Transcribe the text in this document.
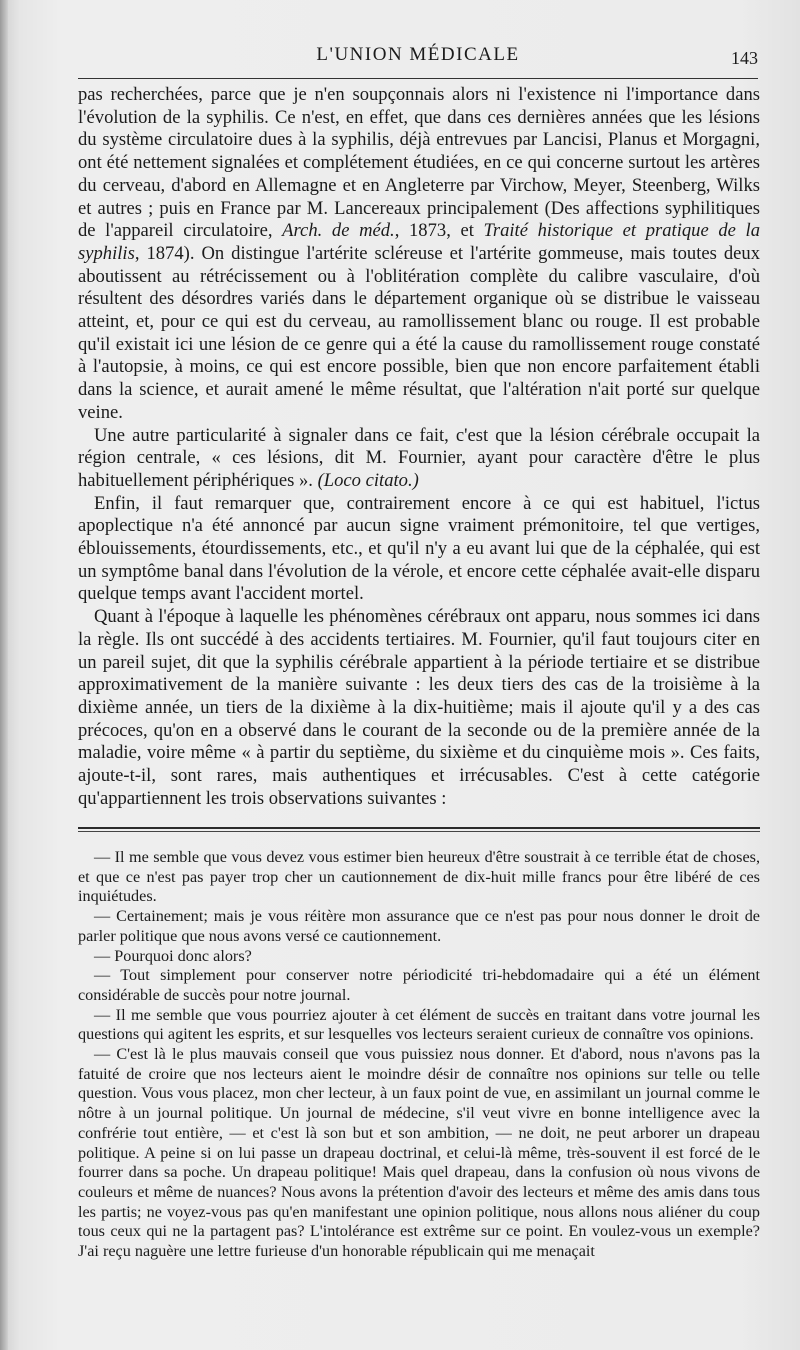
L'UNION MÉDICALE	143

pas recherchées, parce que je n'en soupçonnais alors ni l'existence ni l'importance dans l'évolution de la syphilis. Ce n'est, en effet, que dans ces dernières années que les lésions du système circulatoire dues à la syphilis, déjà entrevues par Lancisi, Planus et Morgagni, ont été nettement signalées et complétement étudiées, en ce qui concerne surtout les artères du cerveau, d'abord en Allemagne et en Angleterre par Virchow, Meyer, Steenberg, Wilks et autres ; puis en France par M. Lancereaux principalement (Des affections syphilitiques de l'appareil circulatoire, Arch. de méd., 1873, et Traité historique et pratique de la syphilis, 1874). On distingue l'artérite scléreuse et l'artérite gommeuse, mais toutes deux aboutissent au rétrécissement ou à l'oblitération complète du calibre vasculaire, d'où résultent des désordres variés dans le département organique où se distribue le vaisseau atteint, et, pour ce qui est du cerveau, au ramollissement blanc ou rouge. Il est probable qu'il existait ici une lésion de ce genre qui a été la cause du ramollissement rouge constaté à l'autopsie, à moins, ce qui est encore possible, bien que non encore parfaitement établi dans la science, et aurait amené le même résultat, que l'altération n'ait porté sur quelque veine.

Une autre particularité à signaler dans ce fait, c'est que la lésion cérébrale occupait la région centrale, « ces lésions, dit M. Fournier, ayant pour caractère d'être le plus habituellement périphériques ». (Loco citato.)

Enfin, il faut remarquer que, contrairement encore à ce qui est habituel, l'ictus apoplectique n'a été annoncé par aucun signe vraiment prémonitoire, tel que vertiges, éblouissements, étourdissements, etc., et qu'il n'y a eu avant lui que de la céphalée, qui est un symptôme banal dans l'évolution de la vérole, et encore cette céphalée avait-elle disparu quelque temps avant l'accident mortel.

Quant à l'époque à laquelle les phénomènes cérébraux ont apparu, nous sommes ici dans la règle. Ils ont succédé à des accidents tertiaires. M. Fournier, qu'il faut toujours citer en un pareil sujet, dit que la syphilis cérébrale appartient à la période tertiaire et se distribue approximativement de la manière suivante : les deux tiers des cas de la troisième à la dixième année, un tiers de la dixième à la dix-huitième; mais il ajoute qu'il y a des cas précoces, qu'on en a observé dans le courant de la seconde ou de la première année de la maladie, voire même « à partir du septième, du sixième et du cinquième mois ». Ces faits, ajoute-t-il, sont rares, mais authentiques et irrécusables. C'est à cette catégorie qu'appartiennent les trois observations suivantes :

— Il me semble que vous devez vous estimer bien heureux d'être soustrait à ce terrible état de choses, et que ce n'est pas payer trop cher un cautionnement de dix-huit mille francs pour être libéré de ces inquiétudes.

— Certainement; mais je vous réitère mon assurance que ce n'est pas pour nous donner le droit de parler politique que nous avons versé ce cautionnement.

— Pourquoi donc alors?

— Tout simplement pour conserver notre périodicité tri-hebdomadaire qui a été un élément considérable de succès pour notre journal.

— Il me semble que vous pourriez ajouter à cet élément de succès en traitant dans votre journal les questions qui agitent les esprits, et sur lesquelles vos lecteurs seraient curieux de connaître vos opinions.

— C'est là le plus mauvais conseil que vous puissiez nous donner. Et d'abord, nous n'avons pas la fatuité de croire que nos lecteurs aient le moindre désir de connaître nos opinions sur telle ou telle question. Vous vous placez, mon cher lecteur, à un faux point de vue, en assimilant un journal comme le nôtre à un journal politique. Un journal de médecine, s'il veut vivre en bonne intelligence avec la confrérie tout entière, — et c'est là son but et son ambition, — ne doit, ne peut arborer un drapeau politique. A peine si on lui passe un drapeau doctrinal, et celui-là même, très-souvent il est forcé de le fourrer dans sa poche. Un drapeau politique! Mais quel drapeau, dans la confusion où nous vivons de couleurs et même de nuances? Nous avons la prétention d'avoir des lecteurs et même des amis dans tous les partis; ne voyez-vous pas qu'en manifestant une opinion politique, nous allons nous aliéner du coup tous ceux qui ne la partagent pas? L'intolérance est extrême sur ce point. En voulez-vous un exemple? J'ai reçu naguère une lettre furieuse d'un honorable républicain qui me menaçait
